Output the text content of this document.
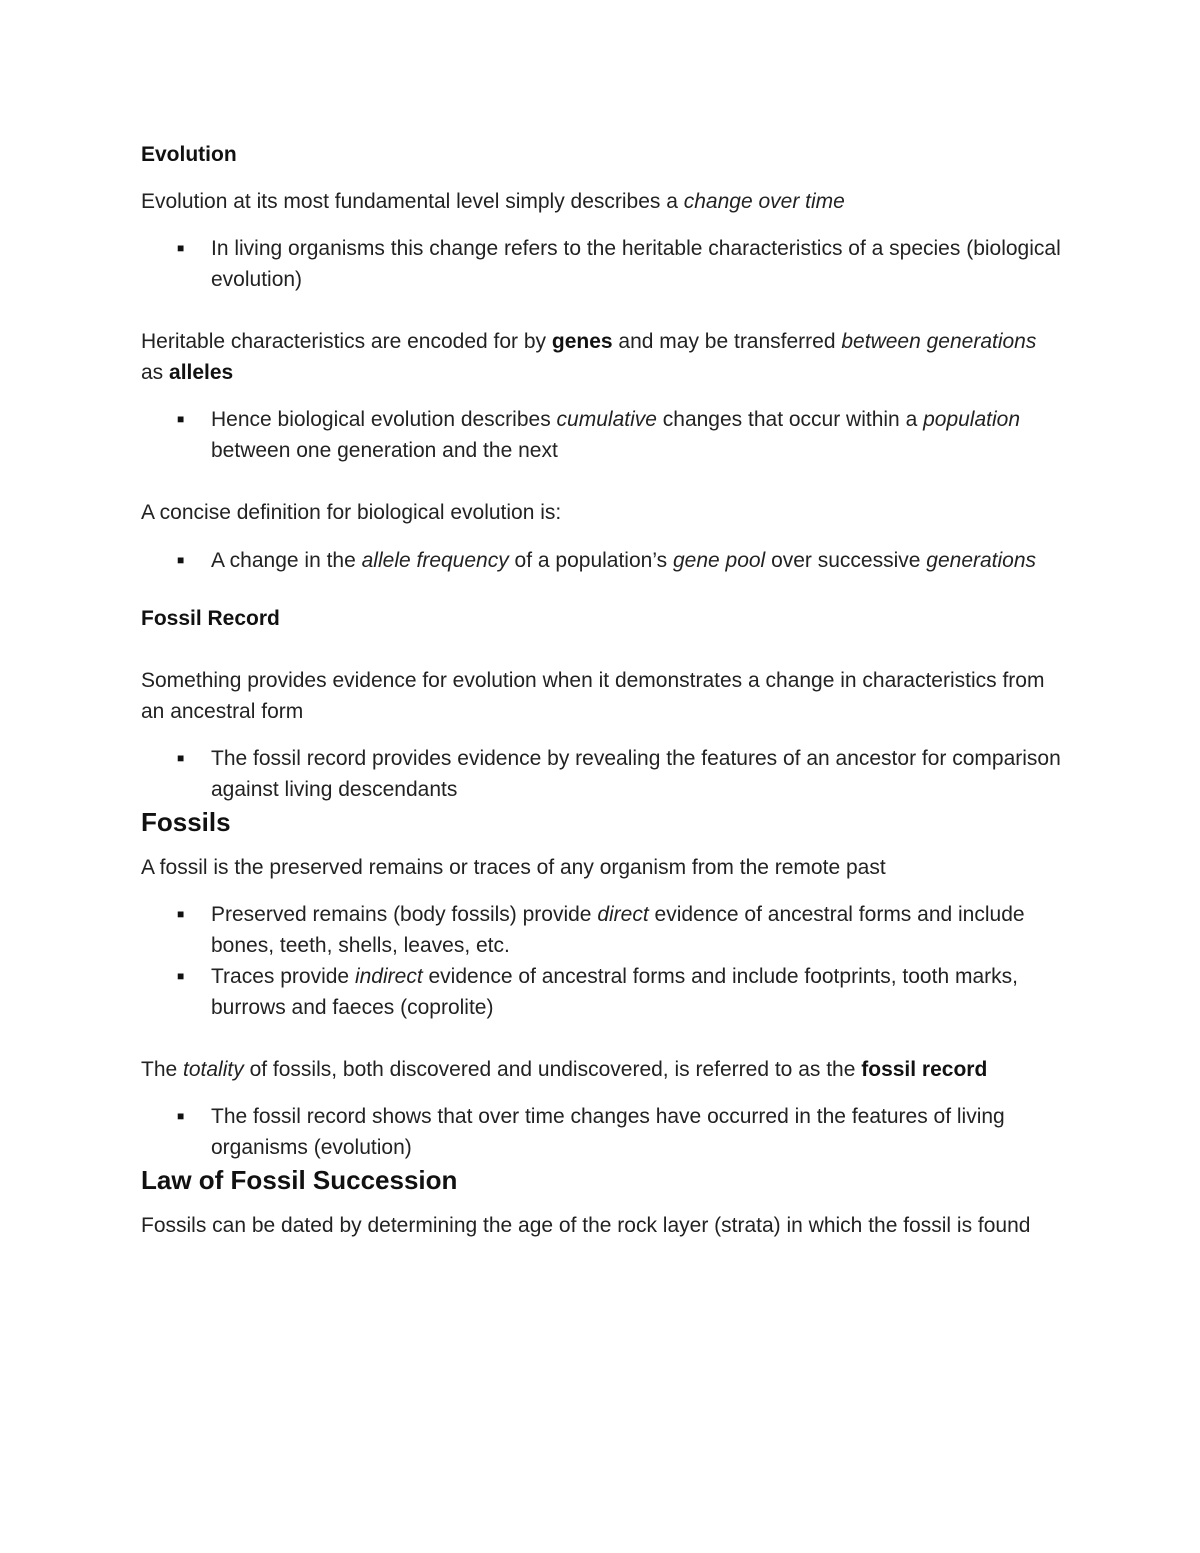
Evolution

Evolution at its most fundamental level simply describes a change over time

■ In living organisms this change refers to the heritable characteristics of a species (biological evolution)

Heritable characteristics are encoded for by genes and may be transferred between generations as alleles

■ Hence biological evolution describes cumulative changes that occur within a population between one generation and the next

A concise definition for biological evolution is:

■ A change in the allele frequency of a population’s gene pool over successive generations

Fossil Record

Something provides evidence for evolution when it demonstrates a change in characteristics from an ancestral form

■ The fossil record provides evidence by revealing the features of an ancestor for comparison against living descendants

Fossils

A fossil is the preserved remains or traces of any organism from the remote past

■ Preserved remains (body fossils) provide direct evidence of ancestral forms and include bones, teeth, shells, leaves, etc.
■ Traces provide indirect evidence of ancestral forms and include footprints, tooth marks, burrows and faeces (coprolite)

The totality of fossils, both discovered and undiscovered, is referred to as the fossil record

■ The fossil record shows that over time changes have occurred in the features of living organisms (evolution)

Law of Fossil Succession

Fossils can be dated by determining the age of the rock layer (strata) in which the fossil is found
